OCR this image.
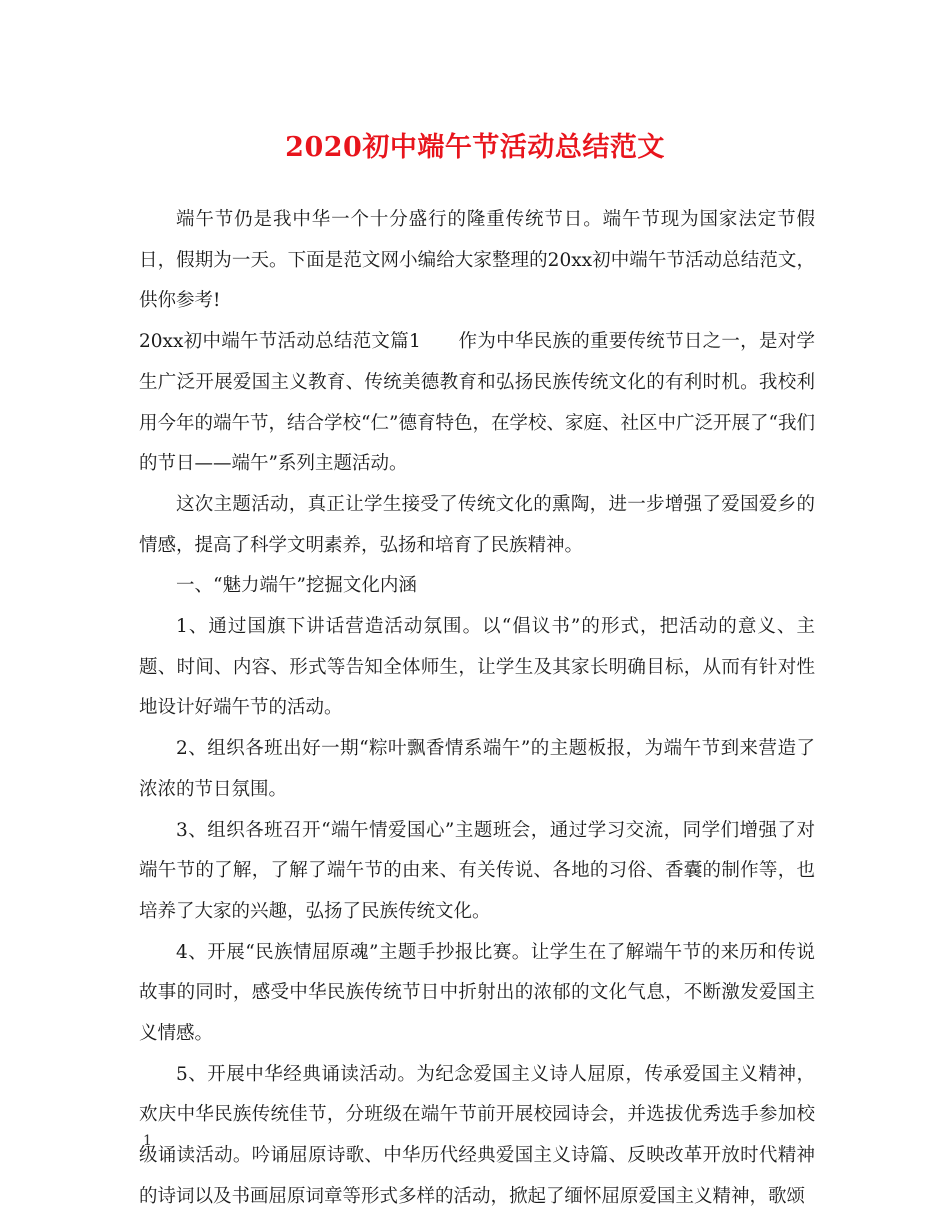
2020初中端午节活动总结范文

端午节仍是我中华一个十分盛行的隆重传统节日。端午节现为国家法定节假日，假期为一天。下面是范文网小编给大家整理的20xx初中端午节活动总结范文，供你参考!

20xx初中端午节活动总结范文篇1　　作为中华民族的重要传统节日之一，是对学生广泛开展爱国主义教育、传统美德教育和弘扬民族传统文化的有利时机。我校利用今年的端午节，结合学校“仁”德育特色，在学校、家庭、社区中广泛开展了“我们的节日——端午”系列主题活动。

这次主题活动，真正让学生接受了传统文化的熏陶，进一步增强了爱国爱乡的情感，提高了科学文明素养，弘扬和培育了民族精神。

一、“魅力端午”挖掘文化内涵

1、通过国旗下讲话营造活动氛围。以“倡议书”的形式，把活动的意义、主题、时间、内容、形式等告知全体师生，让学生及其家长明确目标，从而有针对性地设计好端午节的活动。

2、组织各班出好一期“粽叶飘香情系端午”的主题板报，为端午节到来营造了浓浓的节日氛围。

3、组织各班召开“端午情爱国心”主题班会，通过学习交流，同学们增强了对端午节的了解，了解了端午节的由来、有关传说、各地的习俗、香囊的制作等，也培养了大家的兴趣，弘扬了民族传统文化。

4、开展“民族情屈原魂”主题手抄报比赛。让学生在了解端午节的来历和传说故事的同时，感受中华民族传统节日中折射出的浓郁的文化气息，不断激发爱国主义情感。

5、开展中华经典诵读活动。为纪念爱国主义诗人屈原，传承爱国主义精神，欢庆中华民族传统佳节，分班级在端午节前开展校园诗会，并选拔优秀选手参加校级诵读活动。吟诵屈原诗歌、中华历代经典爱国主义诗篇、反映改革开放时代精神的诗词以及书画屈原词章等形式多样的活动，掀起了缅怀屈原爱国主义精神，歌颂

1
